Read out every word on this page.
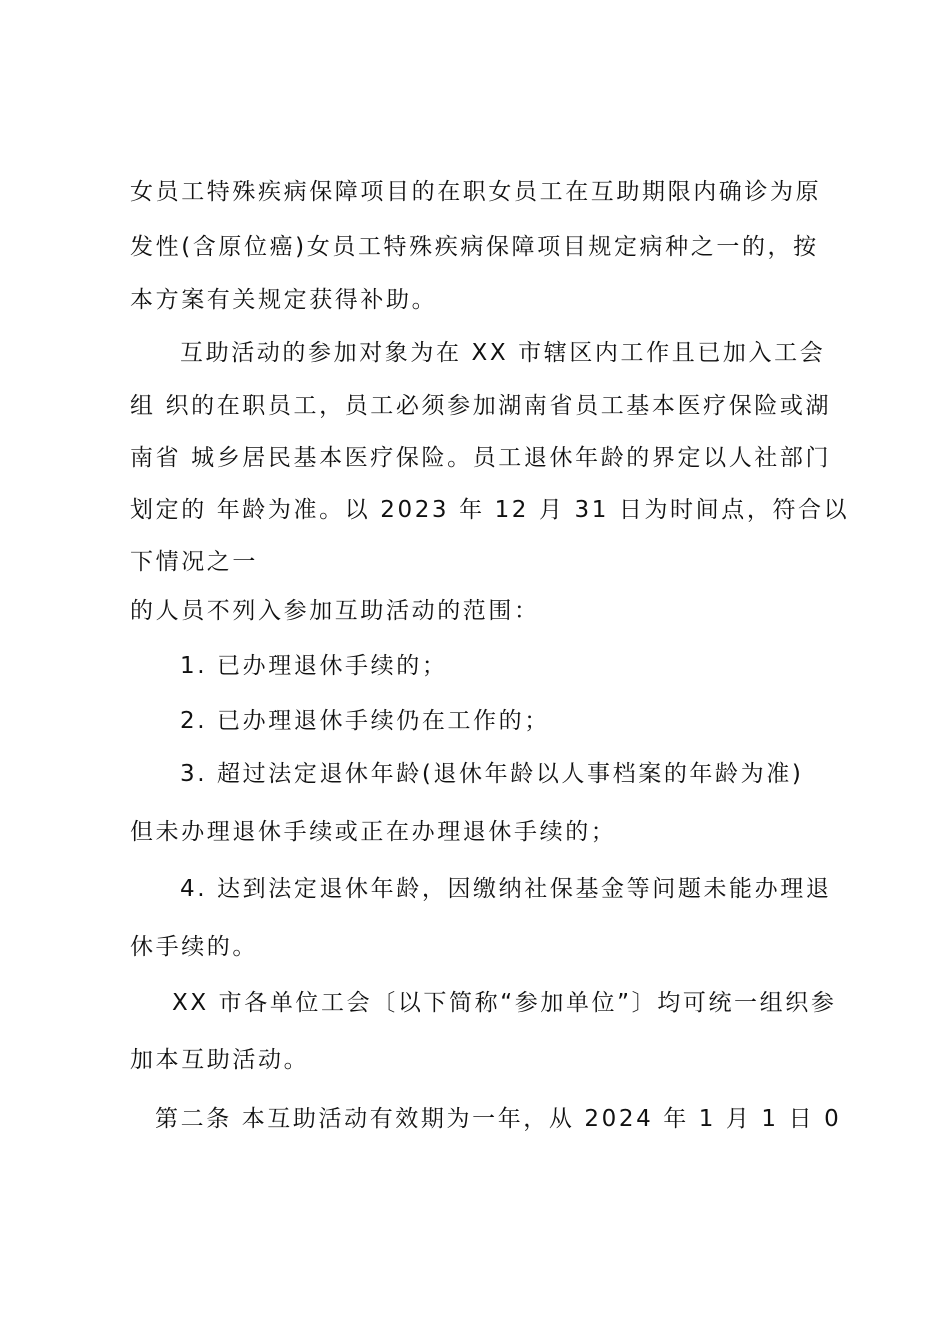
女员工特殊疾病保障项目的在职女员工在互助期限内确诊为原
发性(含原位癌)女员工特殊疾病保障项目规定病种之一的，按
本方案有关规定获得补助。
互助活动的参加对象为在 XX 市辖区内工作且已加入工会
组 织的在职员工，员工必须参加湖南省员工基本医疗保险或湖
南省 城乡居民基本医疗保险。员工退休年龄的界定以人社部门
划定的 年龄为准。以 2023 年 12 月 31 日为时间点，符合以
下情况之一
的人员不列入参加互助活动的范围：
1. 已办理退休手续的；
2. 已办理退休手续仍在工作的；
3. 超过法定退休年龄(退休年龄以人事档案的年龄为准)
但未办理退休手续或正在办理退休手续的；
4. 达到法定退休年龄，因缴纳社保基金等问题未能办理退
休手续的。
XX 市各单位工会〔以下简称“参加单位”〕均可统一组织参
加本互助活动。
第二条 本互助活动有效期为一年，从 2024 年 1 月 1 日 0
